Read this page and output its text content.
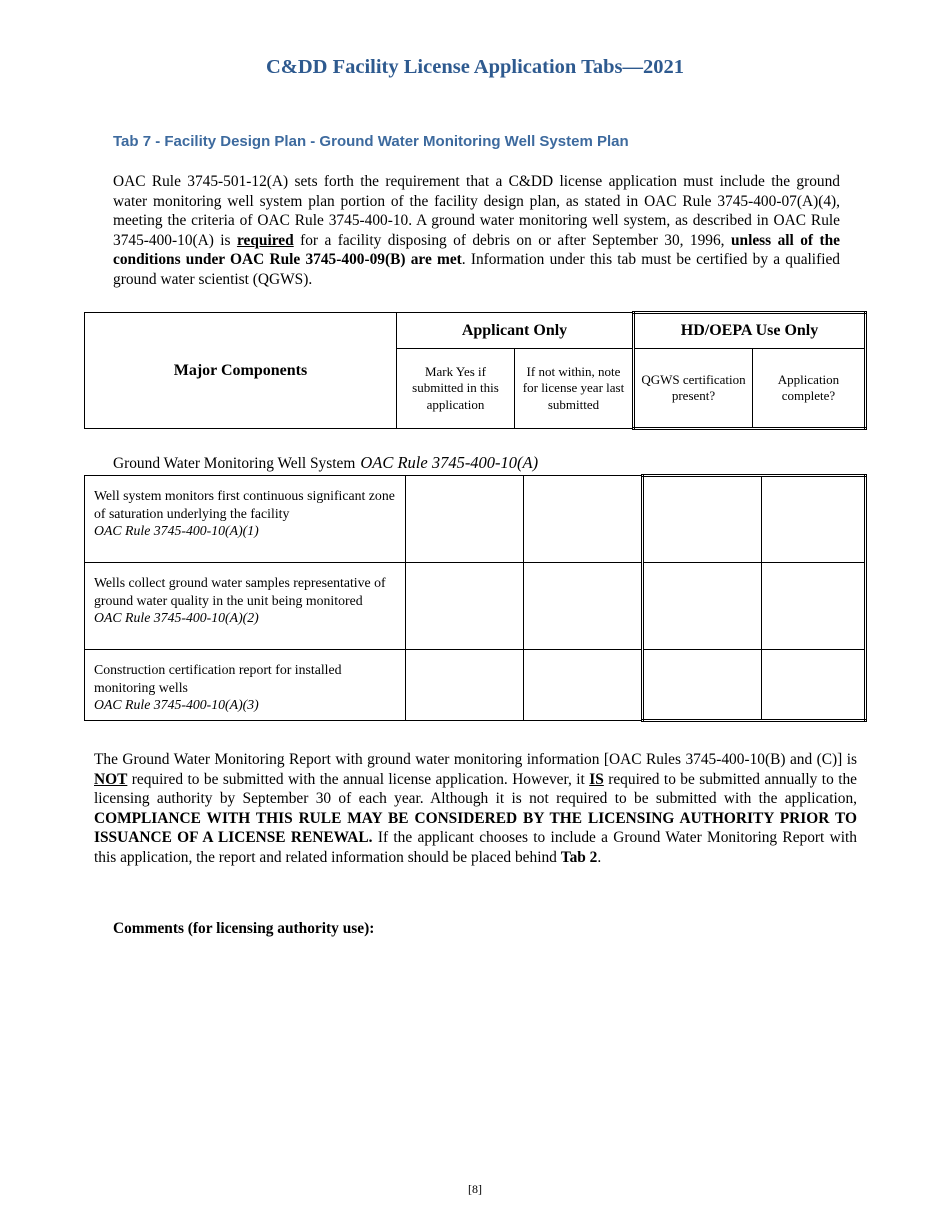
C&DD Facility License Application Tabs—2021
Tab 7 - Facility Design Plan - Ground Water Monitoring Well System Plan
OAC Rule 3745-501-12(A) sets forth the requirement that a C&DD license application must include the ground water monitoring well system plan portion of the facility design plan, as stated in OAC Rule 3745-400-07(A)(4), meeting the criteria of OAC Rule 3745-400-10. A ground water monitoring well system, as described in OAC Rule 3745-400-10(A) is required for a facility disposing of debris on or after September 30, 1996, unless all of the conditions under OAC Rule 3745-400-09(B) are met. Information under this tab must be certified by a qualified ground water scientist (QGWS).
Major Components	Applicant Only		HD/OEPA Use Only	
	Mark Yes if submitted in this application	If not within, note for license year last submitted	QGWS certification present?	Application complete?
Ground Water Monitoring Well System OAC Rule 3745-400-10(A)
Well system monitors first continuous significant zone of saturation underlying the facility
OAC Rule 3745-400-10(A)(1)				

Wells collect ground water samples representative of ground water quality in the unit being monitored
OAC Rule 3745-400-10(A)(2)				

Construction certification report for installed monitoring wells
OAC Rule 3745-400-10(A)(3)				

The Ground Water Monitoring Report with ground water monitoring information [OAC Rules 3745-400-10(B) and (C)] is NOT required to be submitted with the annual license application. However, it IS required to be submitted annually to the licensing authority by September 30 of each year. Although it is not required to be submitted with the application, COMPLIANCE WITH THIS RULE MAY BE CONSIDERED BY THE LICENSING AUTHORITY PRIOR TO ISSUANCE OF A LICENSE RENEWAL. If the applicant chooses to include a Ground Water Monitoring Report with this application, the report and related information should be placed behind Tab 2.
Comments (for licensing authority use):
[8]
